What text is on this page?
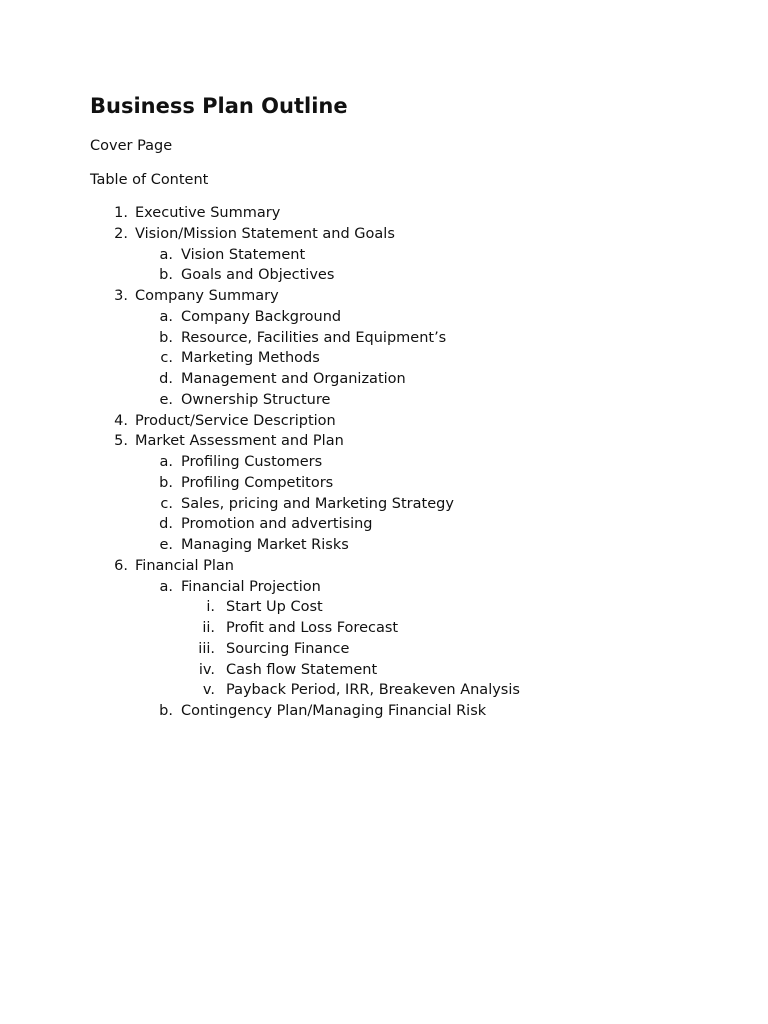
Business Plan Outline

Cover Page

Table of Content

1. Executive Summary
2. Vision/Mission Statement and Goals
a. Vision Statement
b. Goals and Objectives
3. Company Summary
a. Company Background
b. Resource, Facilities and Equipment’s
c. Marketing Methods
d. Management and Organization
e. Ownership Structure
4. Product/Service Description
5. Market Assessment and Plan
a. Profiling Customers
b. Profiling Competitors
c. Sales, pricing and Marketing Strategy
d. Promotion and advertising
e. Managing Market Risks
6. Financial Plan
a. Financial Projection
i. Start Up Cost
ii. Profit and Loss Forecast
iii. Sourcing Finance
iv. Cash flow Statement
v. Payback Period, IRR, Breakeven Analysis
b. Contingency Plan/Managing Financial Risk
